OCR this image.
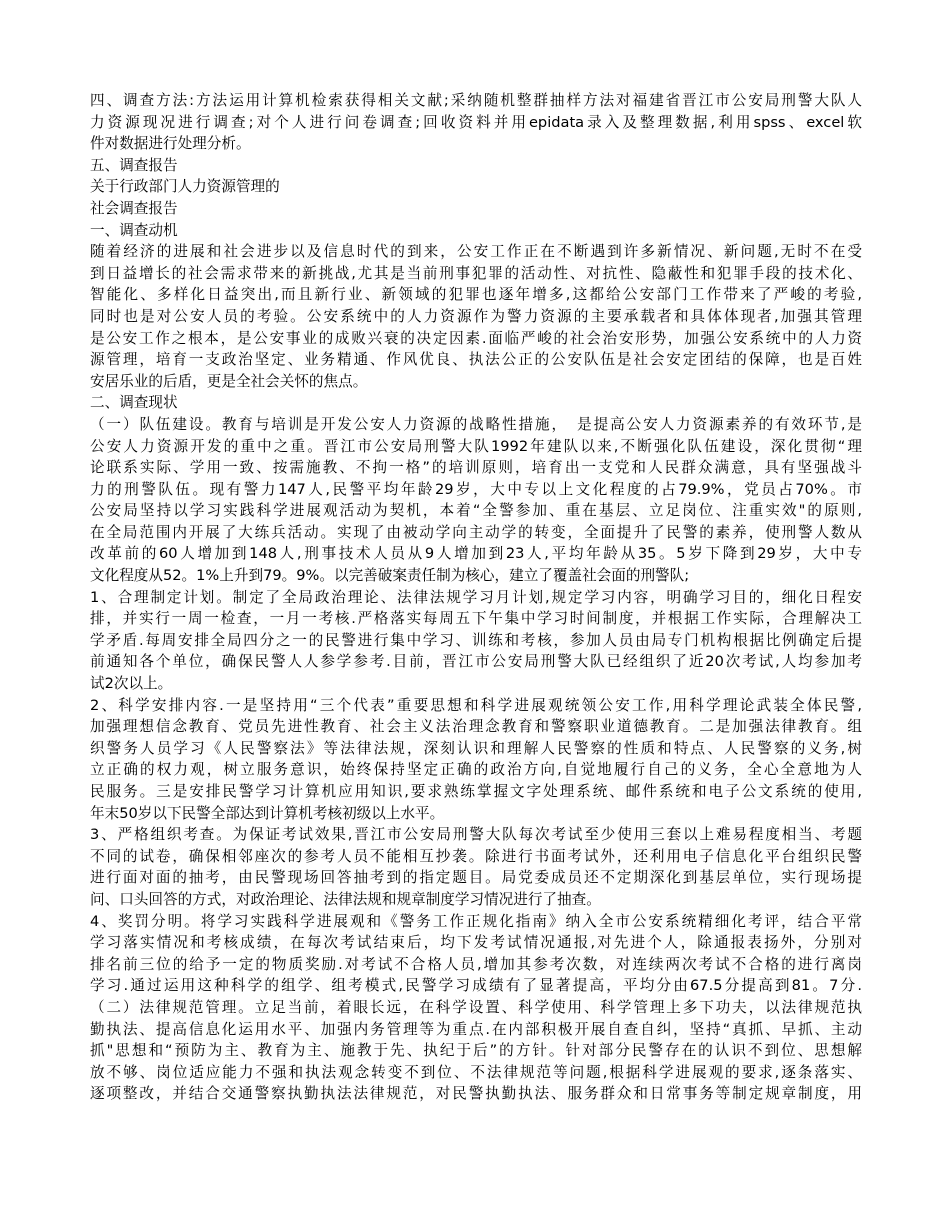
四、调查方法:方法运用计算机检索获得相关文献;采纳随机整群抽样方法对福建省晋江市公安局刑警大队人
力资源现况进行调查;对个人进行问卷调查;回收资料并用epidata录入及整理数据,利用spss、excel软
件对数据进行处理分析。
五、调查报告
关于行政部门人力资源管理的
社会调查报告
一、调查动机
随着经济的进展和社会进步以及信息时代的到来，公安工作正在不断遇到许多新情况、新问题,无时不在受
到日益增长的社会需求带来的新挑战,尤其是当前刑事犯罪的活动性、对抗性、隐蔽性和犯罪手段的技术化、
智能化、多样化日益突出,而且新行业、新领域的犯罪也逐年增多,这都给公安部门工作带来了严峻的考验,
同时也是对公安人员的考验。公安系统中的人力资源作为警力资源的主要承载者和具体体现者,加强其管理
是公安工作之根本，是公安事业的成败兴衰的决定因素.面临严峻的社会治安形势，加强公安系统中的人力资
源管理，培育一支政治坚定、业务精通、作风优良、执法公正的公安队伍是社会安定团结的保障，也是百姓
安居乐业的后盾，更是全社会关怀的焦点。
二、调查现状
（一）队伍建设。教育与培训是开发公安人力资源的战略性措施，　是提高公安人力资源素养的有效环节,是
公安人力资源开发的重中之重。晋江市公安局刑警大队1992年建队以来,不断强化队伍建设，深化贯彻“理
论联系实际、学用一致、按需施教、不拘一格”的培训原则，培育出一支党和人民群众满意，具有坚强战斗
力的刑警队伍。现有警力147人,民警平均年龄29岁，大中专以上文化程度的占79.9%，党员占70%。市
公安局坚持以学习实践科学进展观活动为契机，本着“全警参加、重在基层、立足岗位、注重实效"的原则,
在全局范围内开展了大练兵活动。实现了由被动学向主动学的转变，全面提升了民警的素养，使刑警人数从
改革前的60人增加到148人,刑事技术人员从9人增加到23人,平均年龄从35。5岁下降到29岁，大中专
文化程度从52。1%上升到79。9%。以完善破案责任制为核心，建立了覆盖社会面的刑警队;
1、合理制定计划。制定了全局政治理论、法律法规学习月计划,规定学习内容，明确学习目的，细化日程安
排，并实行一周一检查，一月一考核.严格落实每周五下午集中学习时间制度，并根据工作实际，合理解决工
学矛盾.每周安排全局四分之一的民警进行集中学习、训练和考核，参加人员由局专门机构根据比例确定后提
前通知各个单位，确保民警人人参学参考.目前，晋江市公安局刑警大队已经组织了近20次考试,人均参加考
试2次以上。
2、科学安排内容.一是坚持用“三个代表”重要思想和科学进展观统领公安工作,用科学理论武装全体民警,
加强理想信念教育、党员先进性教育、社会主义法治理念教育和警察职业道德教育。二是加强法律教育。组
织警务人员学习《人民警察法》等法律法规，深刻认识和理解人民警察的性质和特点、人民警察的义务,树
立正确的权力观，树立服务意识，始终保持坚定正确的政治方向,自觉地履行自己的义务，全心全意地为人
民服务。三是安排民警学习计算机应用知识,要求熟练掌握文字处理系统、邮件系统和电子公文系统的使用,
年末50岁以下民警全部达到计算机考核初级以上水平。
3、严格组织考查。为保证考试效果,晋江市公安局刑警大队每次考试至少使用三套以上难易程度相当、考题
不同的试卷，确保相邻座次的参考人员不能相互抄袭。除进行书面考试外，还利用电子信息化平台组织民警
进行面对面的抽考，由民警现场回答抽考到的指定题目。局党委成员还不定期深化到基层单位，实行现场提
问、口头回答的方式，对政治理论、法律法规和规章制度学习情况进行了抽查。
4、奖罚分明。将学习实践科学进展观和《警务工作正规化指南》纳入全市公安系统精细化考评，结合平常
学习落实情况和考核成绩，在每次考试结束后，均下发考试情况通报,对先进个人，除通报表扬外，分别对
排名前三位的给予一定的物质奖励.对考试不合格人员,增加其参考次数，对连续两次考试不合格的进行离岗
学习.通过运用这种科学的组学、组考模式,民警学习成绩有了显著提高，平均分由67.5分提高到81。7分.
（二）法律规范管理。立足当前，着眼长远，在科学设置、科学使用、科学管理上多下功夫，以法律规范执
勤执法、提高信息化运用水平、加强内务管理等为重点.在内部积极开展自查自纠，坚持“真抓、早抓、主动
抓"思想和“预防为主、教育为主、施教于先、执纪于后”的方针。针对部分民警存在的认识不到位、思想解
放不够、岗位适应能力不强和执法观念转变不到位、不法律规范等问题,根据科学进展观的要求,逐条落实、
逐项整改，并结合交通警察执勤执法法律规范，对民警执勤执法、服务群众和日常事务等制定规章制度，用
